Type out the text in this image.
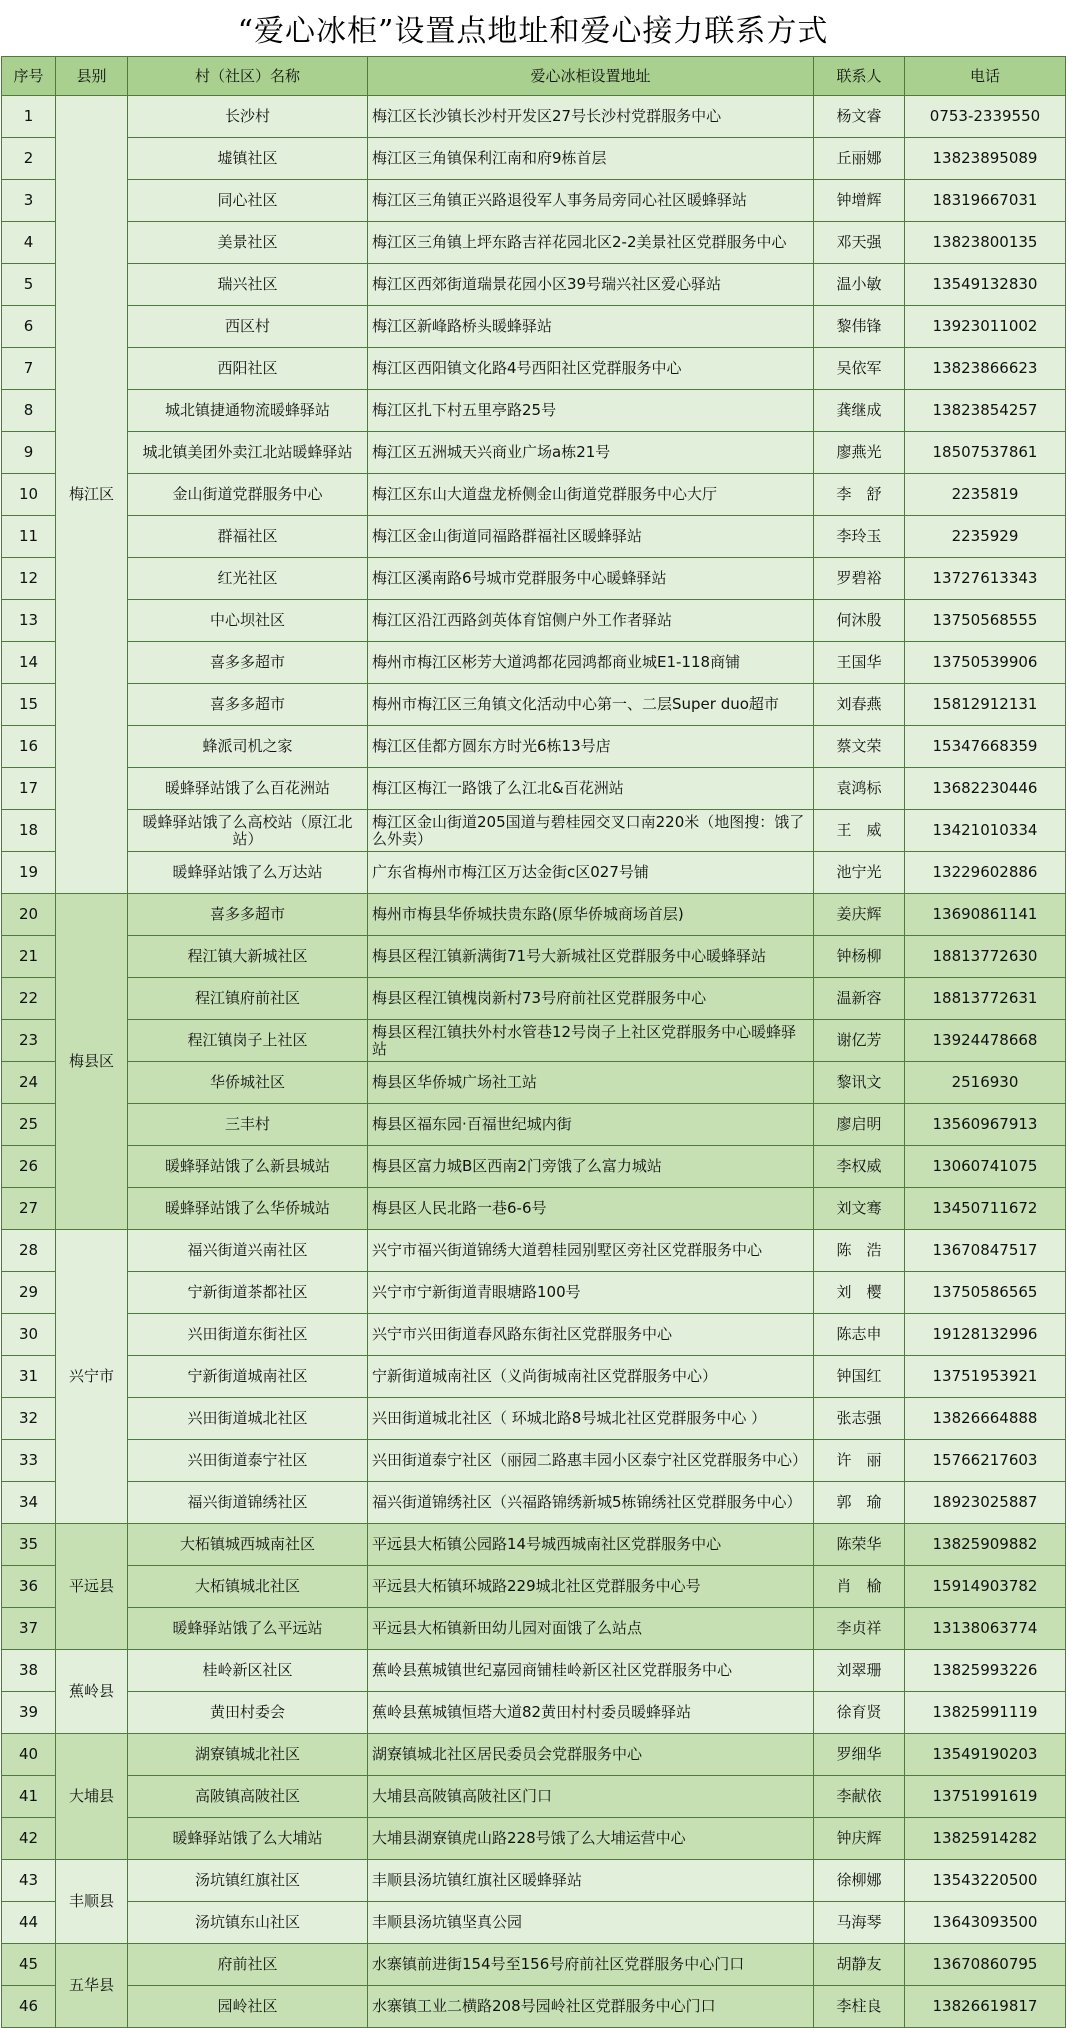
“爱心冰柜”设置点地址和爱心接力联系方式
序号	县别	村（社区）名称	爱心冰柜设置地址	联系人	电话
1	梅江区	长沙村	梅江区长沙镇长沙村开发区27号长沙村党群服务中心	杨文睿	0753-2339550
2		墟镇社区	梅江区三角镇保利江南和府9栋首层	丘丽娜	13823895089
3		同心社区	梅江区三角镇正兴路退役军人事务局旁同心社区暖蜂驿站	钟增辉	18319667031
4		美景社区	梅江区三角镇上坪东路吉祥花园北区2-2美景社区党群服务中心	邓天强	13823800135
5		瑞兴社区	梅江区西郊街道瑞景花园小区39号瑞兴社区爱心驿站	温小敏	13549132830
6		西区村	梅江区新峰路桥头暖蜂驿站	黎伟锋	13923011002
7		西阳社区	梅江区西阳镇文化路4号西阳社区党群服务中心	吴依军	13823866623
8		城北镇捷通物流暖蜂驿站	梅江区扎下村五里亭路25号	龚继成	13823854257
9		城北镇美团外卖江北站暖蜂驿站	梅江区五洲城天兴商业广场a栋21号	廖燕光	18507537861
10		金山街道党群服务中心	梅江区东山大道盘龙桥侧金山街道党群服务中心大厅	李　舒	2235819
11		群福社区	梅江区金山街道同福路群福社区暖蜂驿站	李玲玉	2235929
12		红光社区	梅江区溪南路6号城市党群服务中心暖蜂驿站	罗碧裕	13727613343
13		中心坝社区	梅江区沿江西路剑英体育馆侧户外工作者驿站	何沐殷	13750568555
14		喜多多超市	梅州市梅江区彬芳大道鸿都花园鸿都商业城E1-118商铺	王国华	13750539906
15		喜多多超市	梅州市梅江区三角镇文化活动中心第一、二层Super duo超市	刘春燕	15812912131
16		蜂派司机之家	梅江区佳都方圆东方时光6栋13号店	蔡文荣	15347668359
17		暖蜂驿站饿了么百花洲站	梅江区梅江一路饿了么江北&百花洲站	袁鸿标	13682230446
18		暖蜂驿站饿了么高校站（原江北站）	梅江区金山街道205国道与碧桂园交叉口南220米（地图搜：饿了么外卖）	王　威	13421010334
19		暖蜂驿站饿了么万达站	广东省梅州市梅江区万达金街c区027号铺	池宁光	13229602886
20	梅县区	喜多多超市	梅州市梅县华侨城扶贵东路(原华侨城商场首层)	姜庆辉	13690861141
21		程江镇大新城社区	梅县区程江镇新满街71号大新城社区党群服务中心暖蜂驿站	钟杨柳	18813772630
22		程江镇府前社区	梅县区程江镇槐岗新村73号府前社区党群服务中心	温新容	18813772631
23		程江镇岗子上社区	梅县区程江镇扶外村水管巷12号岗子上社区党群服务中心暖蜂驿站	谢亿芳	13924478668
24		华侨城社区	梅县区华侨城广场社工站	黎讯文	2516930
25		三丰村	梅县区福东园·百福世纪城内街	廖启明	13560967913
26		暖蜂驿站饿了么新县城站	梅县区富力城B区西南2门旁饿了么富力城站	李权威	13060741075
27		暖蜂驿站饿了么华侨城站	梅县区人民北路一巷6-6号	刘文骞	13450711672
28	兴宁市	福兴街道兴南社区	兴宁市福兴街道锦绣大道碧桂园别墅区旁社区党群服务中心	陈　浩	13670847517
29		宁新街道茶都社区	兴宁市宁新街道青眼塘路100号	刘　樱	13750586565
30		兴田街道东街社区	兴宁市兴田街道春风路东街社区党群服务中心	陈志申	19128132996
31		宁新街道城南社区	宁新街道城南社区（义尚街城南社区党群服务中心）	钟国红	13751953921
32		兴田街道城北社区	兴田街道城北社区（ 环城北路8号城北社区党群服务中心 ）	张志强	13826664888
33		兴田街道泰宁社区	兴田街道泰宁社区（丽园二路惠丰园小区泰宁社区党群服务中心）	许　丽	15766217603
34		福兴街道锦绣社区	福兴街道锦绣社区（兴福路锦绣新城5栋锦绣社区党群服务中心）	郭　瑜	18923025887
35	平远县	大柘镇城西城南社区	平远县大柘镇公园路14号城西城南社区党群服务中心	陈荣华	13825909882
36		大柘镇城北社区	平远县大柘镇环城路229城北社区党群服务中心号	肖　榆	15914903782
37		暖蜂驿站饿了么平远站	平远县大柘镇新田幼儿园对面饿了么站点	李贞祥	13138063774
38	蕉岭县	桂岭新区社区	蕉岭县蕉城镇世纪嘉园商铺桂岭新区社区党群服务中心	刘翠珊	13825993226
39		黄田村委会	蕉岭县蕉城镇恒塔大道82黄田村村委员暖蜂驿站	徐育贤	13825991119
40	大埔县	湖寮镇城北社区	湖寮镇城北社区居民委员会党群服务中心	罗细华	13549190203
41		高陂镇高陂社区	大埔县高陂镇高陂社区门口	李献依	13751991619
42		暖蜂驿站饿了么大埔站	大埔县湖寮镇虎山路228号饿了么大埔运营中心	钟庆辉	13825914282
43	丰顺县	汤坑镇红旗社区	丰顺县汤坑镇红旗社区暖蜂驿站	徐柳娜	13543220500
44		汤坑镇东山社区	丰顺县汤坑镇坚真公园	马海琴	13643093500
45	五华县	府前社区	水寨镇前进街154号至156号府前社区党群服务中心门口	胡静友	13670860795
46		园岭社区	水寨镇工业二横路208号园岭社区党群服务中心门口	李柱良	13826619817
